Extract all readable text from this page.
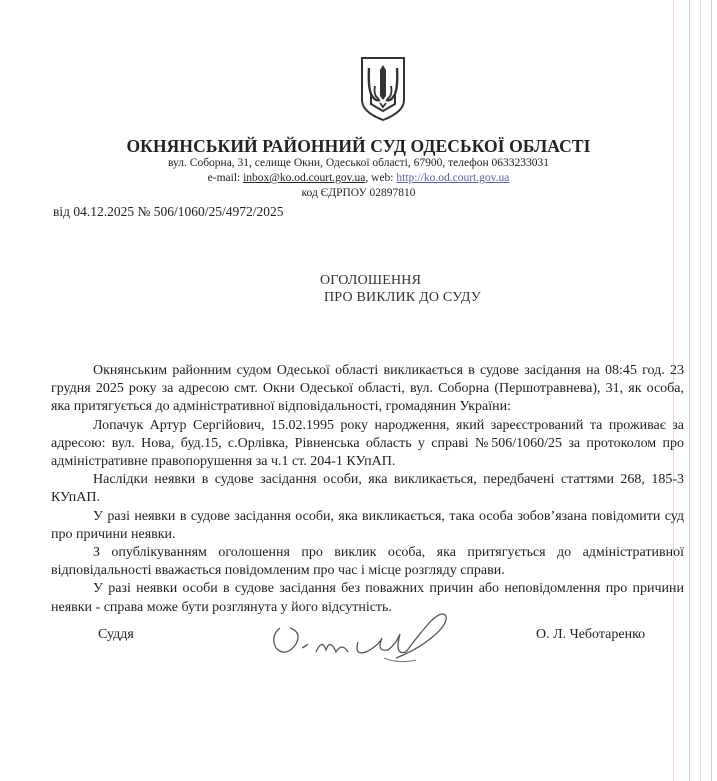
ОКНЯНСЬКИЙ РАЙОННИЙ СУД ОДЕСЬКОЇ ОБЛАСТІ
вул. Соборна, 31, селище Окни, Одеської області, 67900, телефон 0633233031
e-mail: inbox@ko.od.court.gov.ua, web: http://ko.od.court.gov.ua
код ЄДРПОУ 02897810
від 04.12.2025 № 506/1060/25/4972/2025
ОГОЛОШЕННЯ
ПРО ВИКЛИК ДО СУДУ

Окнянським районним судом Одеської області викликається в судове засідання на 08:45 год. 23 грудня 2025 року за адресою смт. Окни Одеської області, вул. Соборна (Першотравнева), 31, як особа, яка притягується до адміністративної відповідальності, громадянин України:

Лопачук Артур Сергійович, 15.02.1995 року народження, який зареєстрований та проживає за адресою: вул. Нова, буд.15, с.Орлівка, Рівненська область у справі №506/1060/25 за протоколом про адміністративне правопорушення за ч.1 ст. 204-1 КУпАП.

Наслідки неявки в судове засідання особи, яка викликається, передбачені статтями 268, 185-3 КУпАП.

У разі неявки в судове засідання особи, яка викликається, така особа зобов’язана повідомити суд про причини неявки.

З опублікуванням оголошення про виклик особа, яка притягується до адміністративної відповідальності вважається повідомленим про час і місце розгляду справи.

У разі неявки особи в судове засідання без поважних причин або неповідомлення про причини неявки - справа може бути розглянута у його відсутність.

Суддя	О. Л. Чеботаренко
